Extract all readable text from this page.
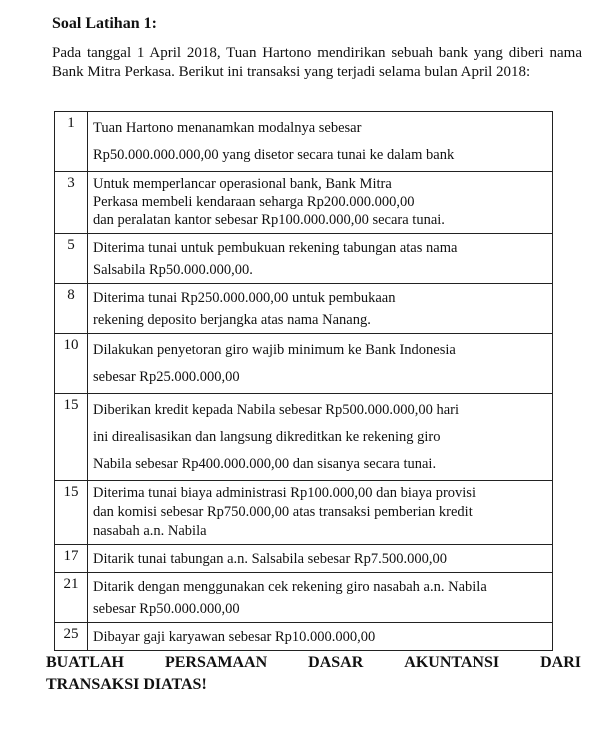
Soal Latihan 1:
Pada tanggal 1 April 2018, Tuan Hartono mendirikan sebuah bank yang diberi nama Bank Mitra Perkasa. Berikut ini transaksi yang terjadi selama bulan April 2018:
1	Tuan Hartono menanamkan modalnya sebesar
Rp50.000.000.000,00 yang disetor secara tunai ke dalam bank

3	Untuk memperlancar operasional bank, Bank Mitra
Perkasa membeli kendaraan seharga Rp200.000.000,00
dan peralatan kantor sebesar Rp100.000.000,00 secara tunai.

5	Diterima tunai untuk pembukuan rekening tabungan atas nama
Salsabila Rp50.000.000,00.

8	Diterima tunai Rp250.000.000,00 untuk pembukaan
rekening deposito berjangka atas nama Nanang.

10	Dilakukan penyetoran giro wajib minimum ke Bank Indonesia
sebesar Rp25.000.000,00

15	Diberikan kredit kepada Nabila sebesar Rp500.000.000,00 hari
ini direalisasikan dan langsung dikreditkan ke rekening giro
Nabila sebesar Rp400.000.000,00 dan sisanya secara tunai.

15	Diterima tunai biaya administrasi Rp100.000,00 dan biaya provisi
dan komisi sebesar Rp750.000,00 atas transaksi pemberian kredit
nasabah a.n. Nabila

17	Ditarik tunai tabungan a.n. Salsabila sebesar Rp7.500.000,00

21	Ditarik dengan menggunakan cek rekening giro nasabah a.n. Nabila
sebesar Rp50.000.000,00

25	Dibayar gaji karyawan sebesar Rp10.000.000,00
BUATLAH	PERSAMAAN	DASAR	AKUNTANSI	DARI
TRANSAKSI DIATAS!
